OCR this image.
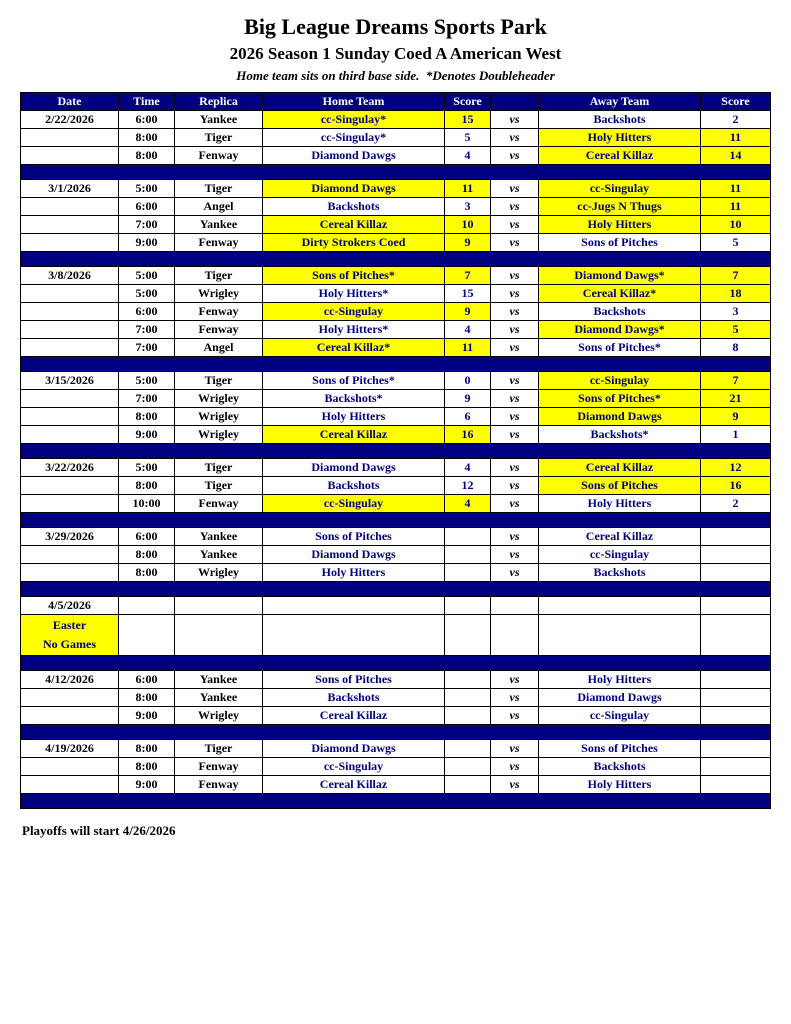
Big League Dreams Sports Park
2026 Season 1 Sunday Coed A American West
Home team sits on third base side.  *Denotes Doubleheader
Date	Time	Replica	Home Team	Score		Away Team	Score
2/22/2026	6:00	Yankee	cc-Singulay*	15	vs	Backshots	2
	8:00	Tiger	cc-Singulay*	5	vs	Holy Hitters	11
	8:00	Fenway	Diamond Dawgs	4	vs	Cereal Killaz	14

3/1/2026	5:00	Tiger	Diamond Dawgs	11	vs	cc-Singulay	11
	6:00	Angel	Backshots	3	vs	cc-Jugs N Thugs	11
	7:00	Yankee	Cereal Killaz	10	vs	Holy Hitters	10
	9:00	Fenway	Dirty Strokers Coed	9	vs	Sons of Pitches	5

3/8/2026	5:00	Tiger	Sons of Pitches*	7	vs	Diamond Dawgs*	7
	5:00	Wrigley	Holy Hitters*	15	vs	Cereal Killaz*	18
	6:00	Fenway	cc-Singulay	9	vs	Backshots	3
	7:00	Fenway	Holy Hitters*	4	vs	Diamond Dawgs*	5
	7:00	Angel	Cereal Killaz*	11	vs	Sons of Pitches*	8

3/15/2026	5:00	Tiger	Sons of Pitches*	0	vs	cc-Singulay	7
	7:00	Wrigley	Backshots*	9	vs	Sons of Pitches*	21
	8:00	Wrigley	Holy Hitters	6	vs	Diamond Dawgs	9
	9:00	Wrigley	Cereal Killaz	16	vs	Backshots*	1

3/22/2026	5:00	Tiger	Diamond Dawgs	4	vs	Cereal Killaz	12
	8:00	Tiger	Backshots	12	vs	Sons of Pitches	16
	10:00	Fenway	cc-Singulay	4	vs	Holy Hitters	2

3/29/2026	6:00	Yankee	Sons of Pitches		vs	Cereal Killaz	
	8:00	Yankee	Diamond Dawgs		vs	cc-Singulay	
	8:00	Wrigley	Holy Hitters		vs	Backshots	

4/5/2026							

Easter
No Games							

4/12/2026	6:00	Yankee	Sons of Pitches		vs	Holy Hitters	
	8:00	Yankee	Backshots		vs	Diamond Dawgs	
	9:00	Wrigley	Cereal Killaz		vs	cc-Singulay	

4/19/2026	8:00	Tiger	Diamond Dawgs		vs	Sons of Pitches	
	8:00	Fenway	cc-Singulay		vs	Backshots	
	9:00	Fenway	Cereal Killaz		vs	Holy Hitters	

Playoffs will start 4/26/2026
